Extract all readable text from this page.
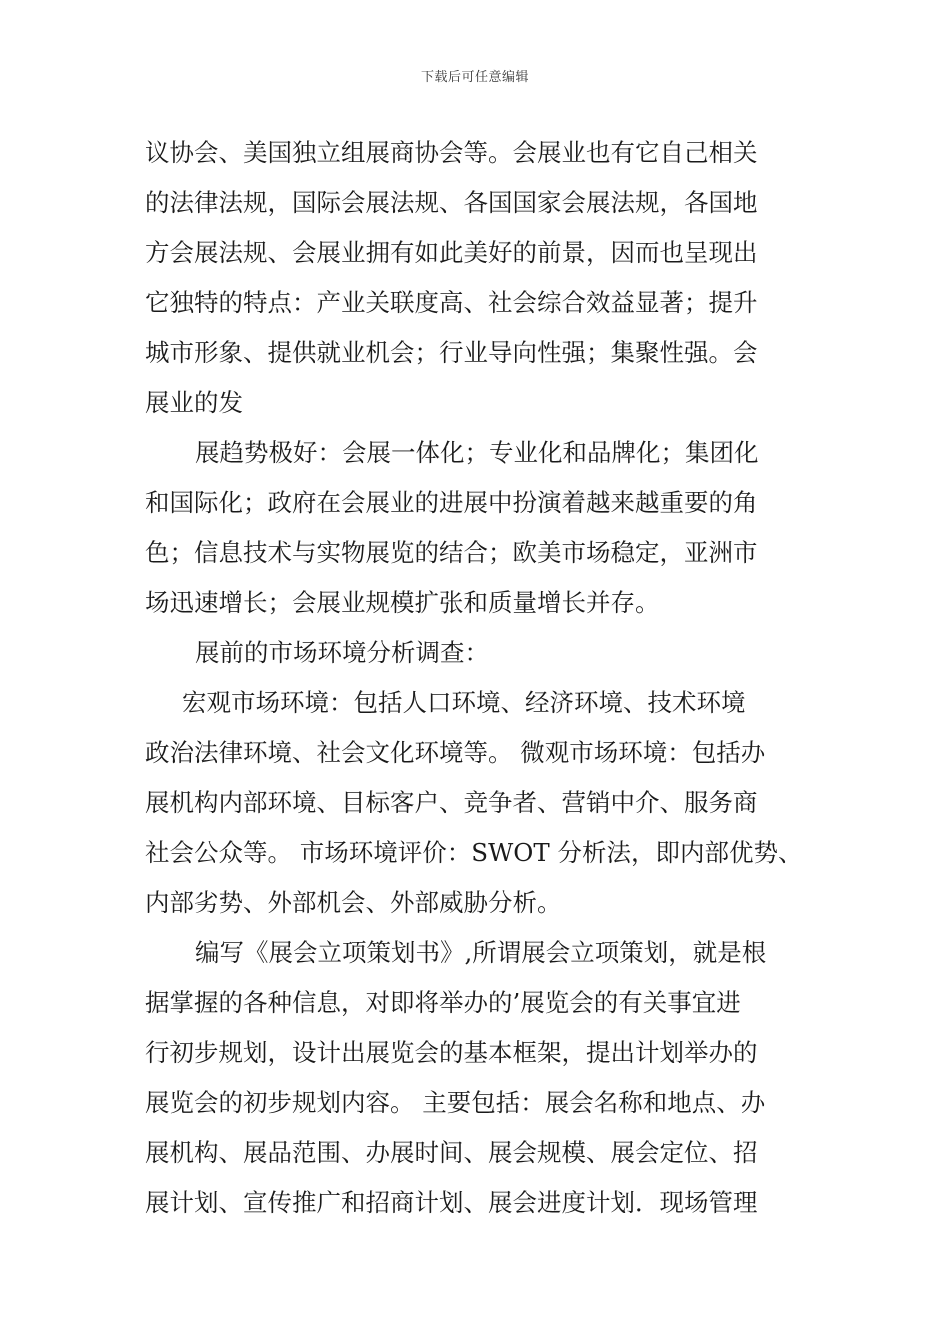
下载后可任意编辑
议协会、美国独立组展商协会等。会展业也有它自己相关
的法律法规，国际会展法规、各国国家会展法规，各国地
方会展法规、会展业拥有如此美好的前景，因而也呈现出
它独特的特点：产业关联度高、社会综合效益显著；提升
城市形象、提供就业机会；行业导向性强；集聚性强。会
展业的发
展趋势极好：会展一体化；专业化和品牌化；集团化
和国际化；政府在会展业的进展中扮演着越来越重要的角
色；信息技术与实物展览的结合；欧美市场稳定，亚洲市
场迅速增长；会展业规模扩张和质量增长并存。
展前的市场环境分析调查：
宏观市场环境：包括人口环境、经济环境、技术环境
政治法律环境、社会文化环境等。 微观市场环境：包括办
展机构内部环境、目标客户、竞争者、营销中介、服务商
社会公众等。 市场环境评价：SWOT 分析法，即内部优势、
内部劣势、外部机会、外部威胁分析。
编写《展会立项策划书》,所谓展会立项策划，就是根
据掌握的各种信息，对即将举办的’展览会的有关事宜进
行初步规划，设计出展览会的基本框架，提出计划举办的
展览会的初步规划内容。 主要包括：展会名称和地点、办
展机构、展品范围、办展时间、展会规模、展会定位、招
展计划、宣传推广和招商计划、展会进度计划．现场管理
